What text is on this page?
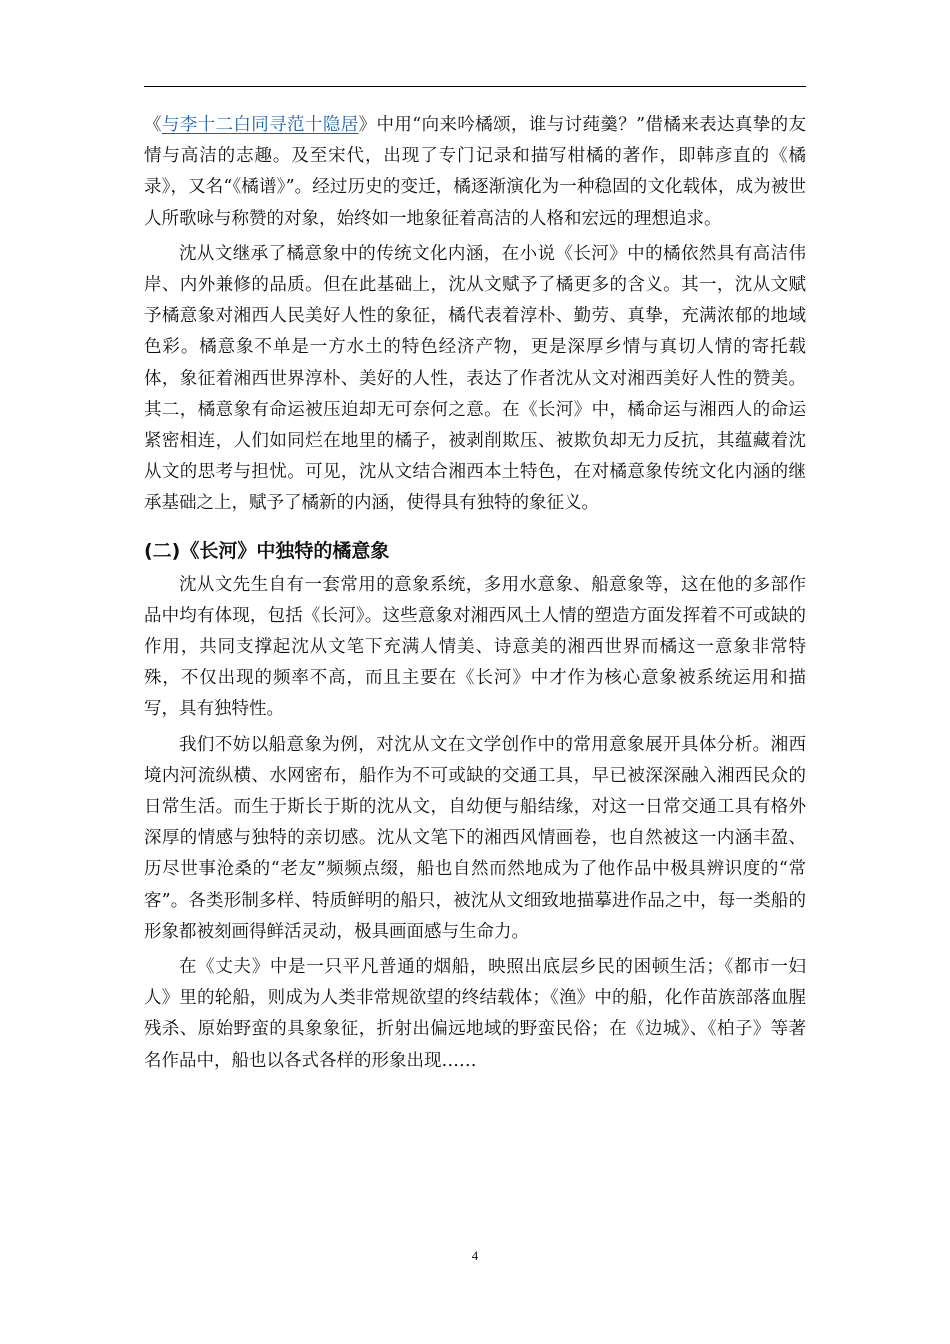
《与李十二白同寻范十隐居》中用“向来吟橘颂，谁与讨莼羹？”借橘来表达真挚的友情与高洁的志趣。及至宋代，出现了专门记录和描写柑橘的著作，即韩彦直的《橘录》，又名“《橘谱》”。经过历史的变迁，橘逐渐演化为一种稳固的文化载体，成为被世人所歌咏与称赞的对象，始终如一地象征着高洁的人格和宏远的理想追求。

沈从文继承了橘意象中的传统文化内涵，在小说《长河》中的橘依然具有高洁伟岸、内外兼修的品质。但在此基础上，沈从文赋予了橘更多的含义。其一，沈从文赋予橘意象对湘西人民美好人性的象征，橘代表着淳朴、勤劳、真挚，充满浓郁的地域色彩。橘意象不单是一方水土的特色经济产物，更是深厚乡情与真切人情的寄托载体，象征着湘西世界淳朴、美好的人性，表达了作者沈从文对湘西美好人性的赞美。其二，橘意象有命运被压迫却无可奈何之意。在《长河》中，橘命运与湘西人的命运紧密相连，人们如同烂在地里的橘子，被剥削欺压、被欺负却无力反抗，其蕴藏着沈从文的思考与担忧。可见，沈从文结合湘西本土特色，在对橘意象传统文化内涵的继承基础之上，赋予了橘新的内涵，使得具有独特的象征义。

(二)《长河》中独特的橘意象

沈从文先生自有一套常用的意象系统，多用水意象、船意象等，这在他的多部作品中均有体现，包括《长河》。这些意象对湘西风土人情的塑造方面发挥着不可或缺的作用，共同支撑起沈从文笔下充满人情美、诗意美的湘西世界而橘这一意象非常特殊，不仅出现的频率不高，而且主要在《长河》中才作为核心意象被系统运用和描写，具有独特性。

我们不妨以船意象为例，对沈从文在文学创作中的常用意象展开具体分析。湘西境内河流纵横、水网密布，船作为不可或缺的交通工具，早已被深深融入湘西民众的日常生活。而生于斯长于斯的沈从文，自幼便与船结缘，对这一日常交通工具有格外深厚的情感与独特的亲切感。沈从文笔下的湘西风情画卷，也自然被这一内涵丰盈、历尽世事沧桑的“老友”频频点缀，船也自然而然地成为了他作品中极具辨识度的“常客”。各类形制多样、特质鲜明的船只，被沈从文细致地描摹进作品之中，每一类船的形象都被刻画得鲜活灵动，极具画面感与生命力。

在《丈夫》中是一只平凡普通的烟船，映照出底层乡民的困顿生活；《都市一妇人》里的轮船，则成为人类非常规欲望的终结载体；《渔》中的船，化作苗族部落血腥残杀、原始野蛮的具象象征，折射出偏远地域的野蛮民俗；在《边城》、《柏子》等著名作品中，船也以各式各样的形象出现……

4
